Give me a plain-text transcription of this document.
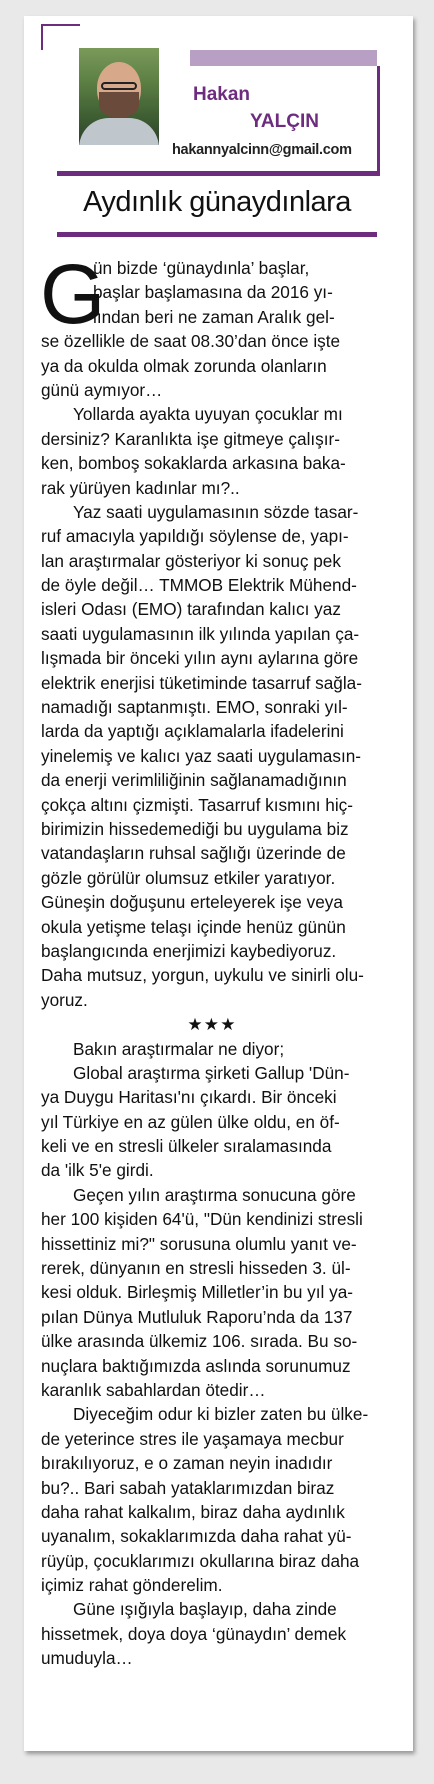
Hakan
YALÇIN
hakannyalcinn@gmail.com
Aydınlık günaydınlara
G
ün bizde ‘günaydınla’ başlar,
başlar başlamasına da 2016 yı-
lından beri ne zaman Aralık gel-
se özellikle de saat 08.30’dan önce işte
ya da okulda olmak zorunda olanların
günü aymıyor…
Yollarda ayakta uyuyan çocuklar mı
dersiniz? Karanlıkta işe gitmeye çalışır-
ken, bomboş sokaklarda arkasına baka-
rak yürüyen kadınlar mı?..
Yaz saati uygulamasının sözde tasar-
ruf amacıyla yapıldığı söylense de, yapı-
lan araştırmalar gösteriyor ki sonuç pek
de öyle değil… TMMOB Elektrik Mühend-
isleri Odası (EMO) tarafından kalıcı yaz
saati uygulamasının ilk yılında yapılan ça-
lışmada bir önceki yılın aynı aylarına göre
elektrik enerjisi tüketiminde tasarruf sağla-
namadığı saptanmıştı. EMO, sonraki yıl-
larda da yaptığı açıklamalarla ifadelerini
yinelemiş ve kalıcı yaz saati uygulamasın-
da enerji verimliliğinin sağlanamadığının
çokça altını çizmişti. Tasarruf kısmını hiç-
birimizin hissedemediği bu uygulama biz
vatandaşların ruhsal sağlığı üzerinde de
gözle görülür olumsuz etkiler yaratıyor.
Güneşin doğuşunu erteleyerek işe veya
okula yetişme telaşı içinde henüz günün
başlangıcında enerjimizi kaybediyoruz.
Daha mutsuz, yorgun, uykulu ve sinirli olu-
yoruz.
★★★
Bakın araştırmalar ne diyor;
Global araştırma şirketi Gallup 'Dün-
ya Duygu Haritası'nı çıkardı. Bir önceki
yıl Türkiye en az gülen ülke oldu, en öf-
keli ve en stresli ülkeler sıralamasında
da 'ilk 5'e girdi.
Geçen yılın araştırma sonucuna göre
her 100 kişiden 64'ü, "Dün kendinizi stresli
hissettiniz mi?" sorusuna olumlu yanıt ve-
rerek, dünyanın en stresli hisseden 3. ül-
kesi olduk. Birleşmiş Milletler’in bu yıl ya-
pılan Dünya Mutluluk Raporu’nda da 137
ülke arasında ülkemiz 106. sırada. Bu so-
nuçlara baktığımızda aslında sorunumuz
karanlık sabahlardan ötedir…
Diyeceğim odur ki bizler zaten bu ülke-
de yeterince stres ile yaşamaya mecbur
bırakılıyoruz, e o zaman neyin inadıdır
bu?.. Bari sabah yataklarımızdan biraz
daha rahat kalkalım, biraz daha aydınlık
uyanalım, sokaklarımızda daha rahat yü-
rüyüp, çocuklarımızı okullarına biraz daha
içimiz rahat gönderelim.
Güne ışığıyla başlayıp, daha zinde
hissetmek, doya doya ‘günaydın’ demek
umuduyla…
